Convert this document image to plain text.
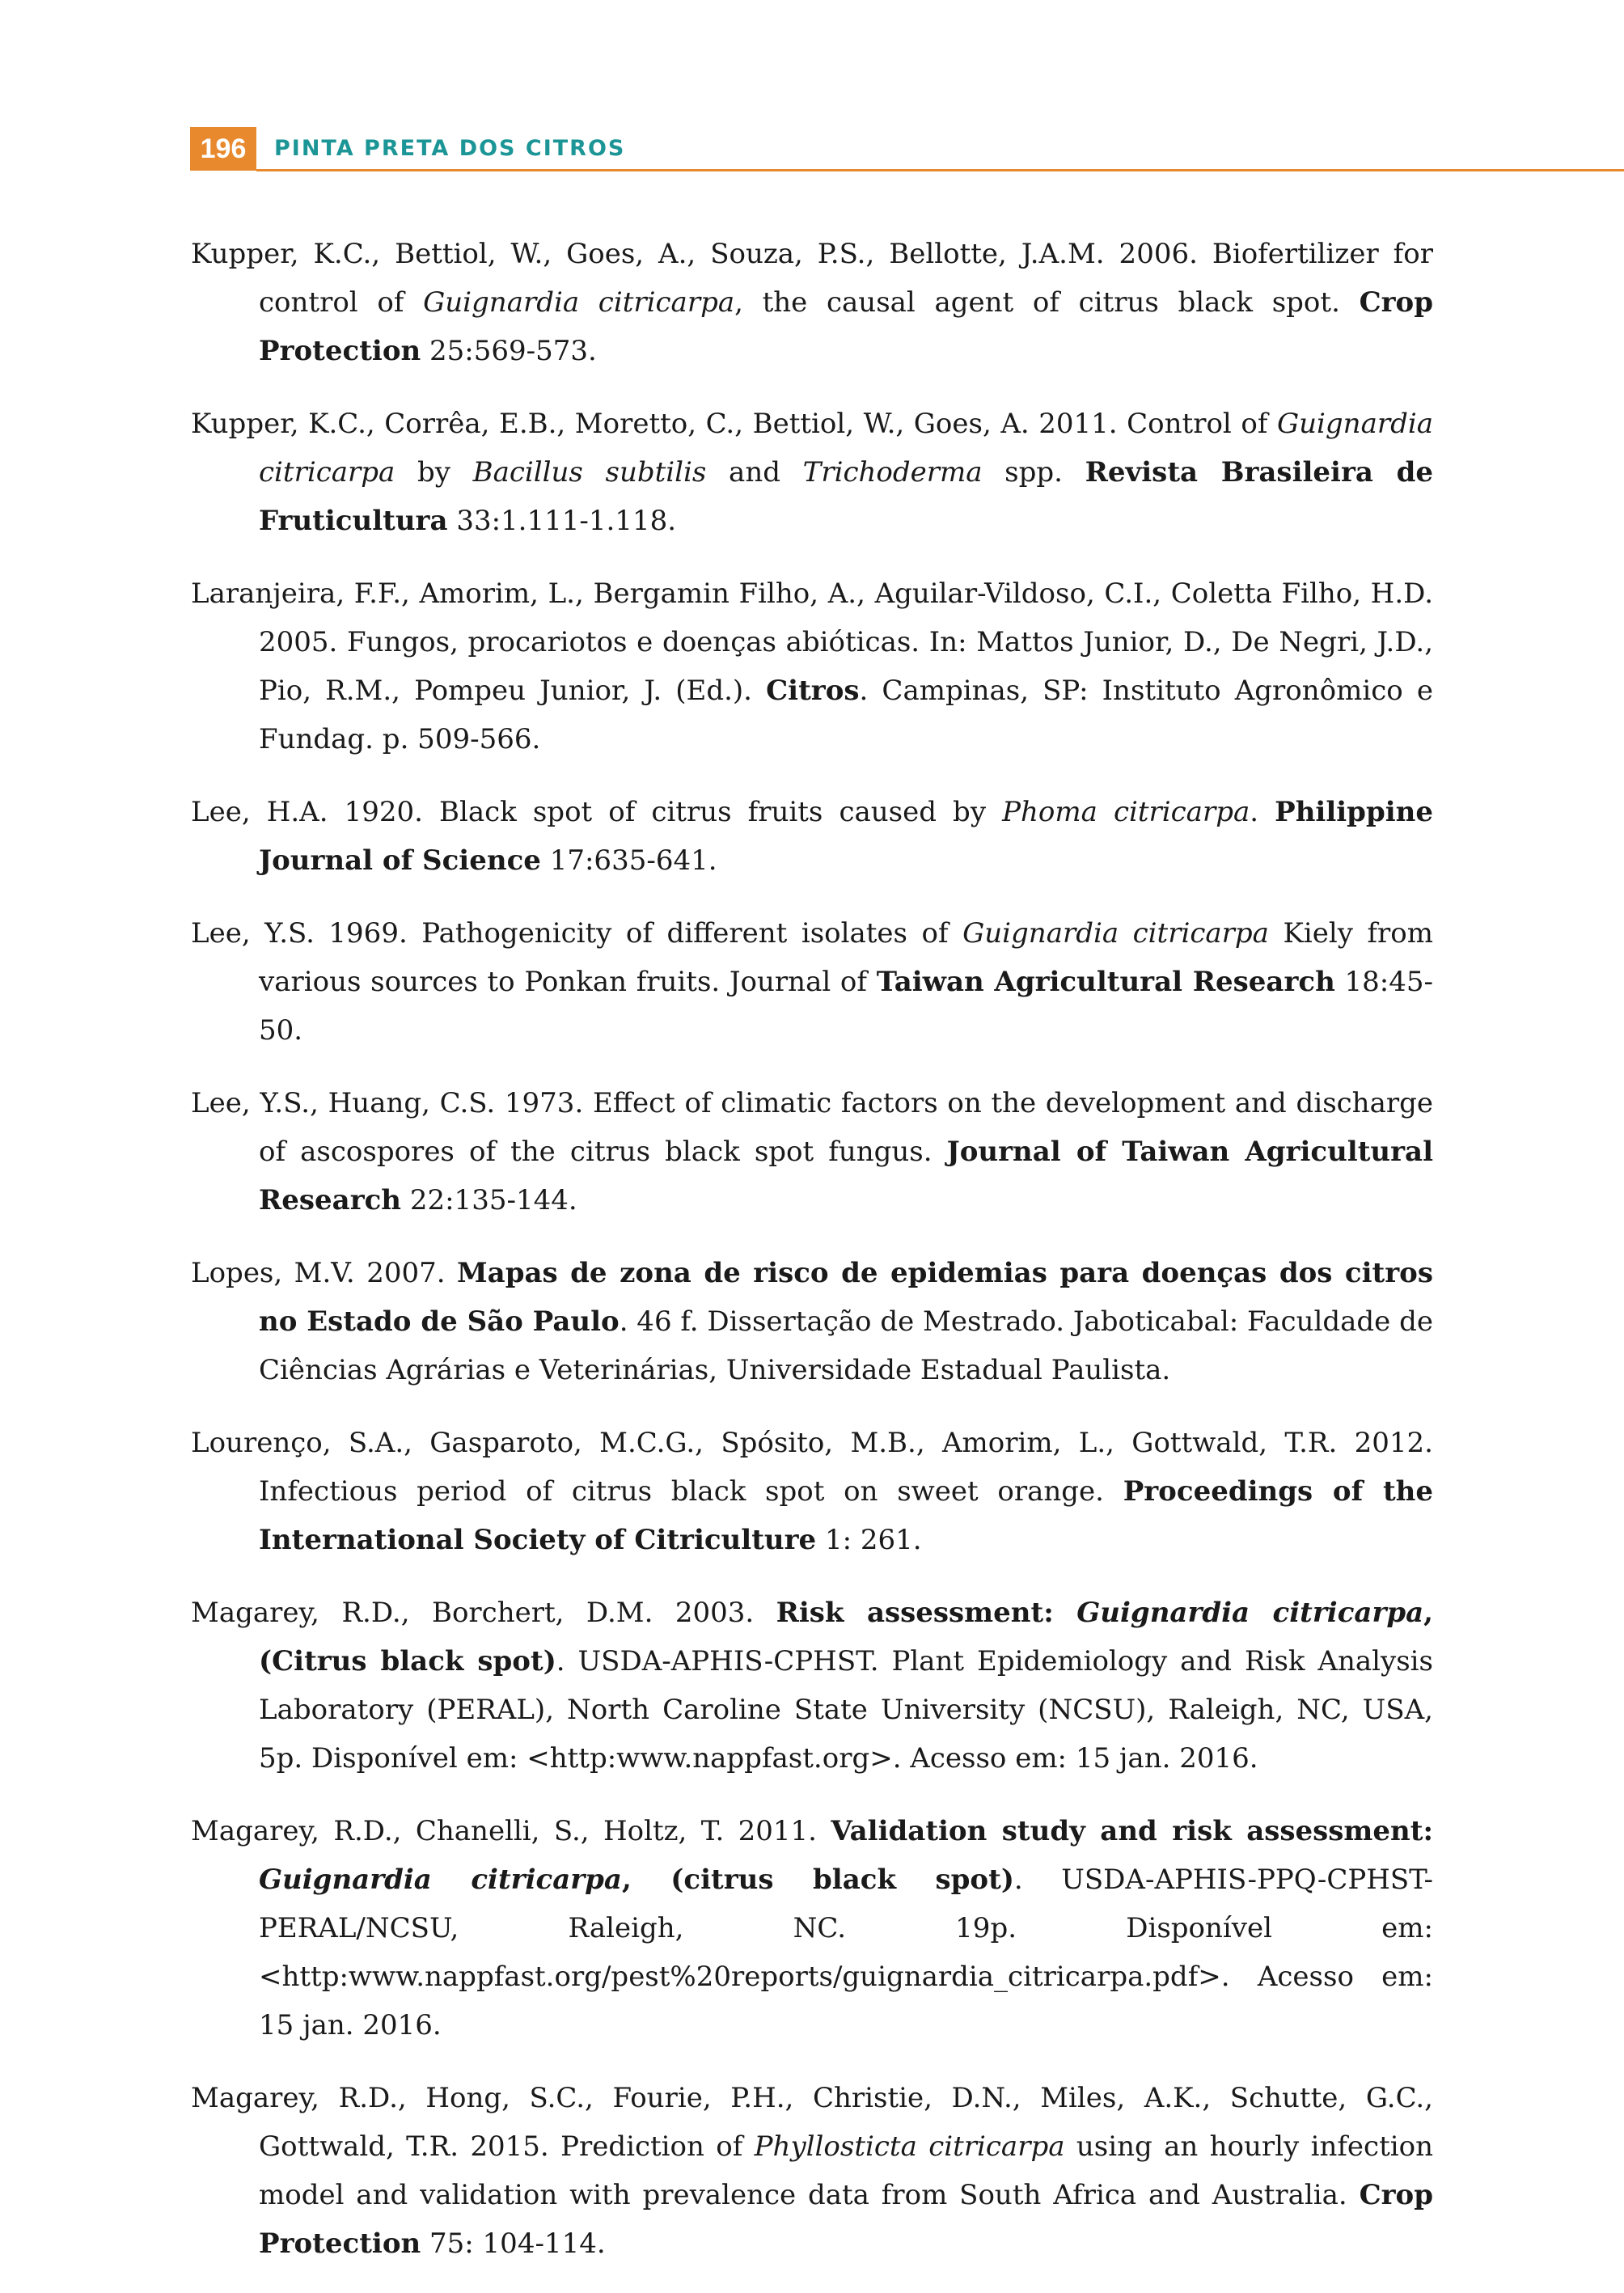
196	PINTA PRETA DOS CITROS
Kupper, K.C., Bettiol, W., Goes, A., Souza, P.S., Bellotte, J.A.M. 2006. Biofertilizer for control of Guignardia citricarpa, the causal agent of citrus black spot. Crop Protection 25:569-573.
Kupper, K.C., Corrêa, E.B., Moretto, C., Bettiol, W., Goes, A. 2011. Control of Guignardia citricarpa by Bacillus subtilis and Trichoderma spp. Revista Brasileira de Fruticultura 33:1.111-1.118.
Laranjeira, F.F., Amorim, L., Bergamin Filho, A., Aguilar-Vildoso, C.I., Coletta Filho, H.D. 2005. Fungos, procariotos e doenças abióticas. In: Mattos Junior, D., De Negri, J.D., Pio, R.M., Pompeu Junior, J. (Ed.). Citros. Campinas, SP: Instituto Agronômico e Fundag. p. 509-566.
Lee, H.A. 1920. Black spot of citrus fruits caused by Phoma citricarpa. Philippine Journal of Science 17:635-641.
Lee, Y.S. 1969. Pathogenicity of different isolates of Guignardia citricarpa Kiely from various sources to Ponkan fruits. Journal of Taiwan Agricultural Research 18:45-50.
Lee, Y.S., Huang, C.S. 1973. Effect of climatic factors on the development and discharge of ascospores of the citrus black spot fungus. Journal of Taiwan Agricultural Research 22:135-144.
Lopes, M.V. 2007. Mapas de zona de risco de epidemias para doenças dos citros no Estado de São Paulo. 46 f. Dissertação de Mestrado. Jaboticabal: Faculdade de Ciências Agrárias e Veterinárias, Universidade Estadual Paulista.
Lourenço, S.A., Gasparoto, M.C.G., Spósito, M.B., Amorim, L., Gottwald, T.R. 2012. Infectious period of citrus black spot on sweet orange. Proceedings of the International Society of Citriculture 1: 261.
Magarey, R.D., Borchert, D.M. 2003. Risk assessment: Guignardia citricarpa, (Citrus black spot). USDA-APHIS-CPHST. Plant Epidemiology and Risk Analysis Laboratory (PERAL), North Caroline State University (NCSU), Raleigh, NC, USA, 5p. Disponível em: <http:www.nappfast.org>. Acesso em: 15 jan. 2016.
Magarey, R.D., Chanelli, S., Holtz, T. 2011. Validation study and risk assessment: Guignardia citricarpa, (citrus black spot). USDA-APHIS-PPQ-CPHST-PERAL/NCSU, Raleigh, NC. 19p. Disponível em: <http:www.nappfast.org/pest%20reports/guignardia_citricarpa.pdf>. Acesso em: 15 jan. 2016.
Magarey, R.D., Hong, S.C., Fourie, P.H., Christie, D.N., Miles, A.K., Schutte, G.C., Gottwald, T.R. 2015. Prediction of Phyllosticta citricarpa using an hourly infection model and validation with prevalence data from South Africa and Australia. Crop Protection 75: 104-114.
